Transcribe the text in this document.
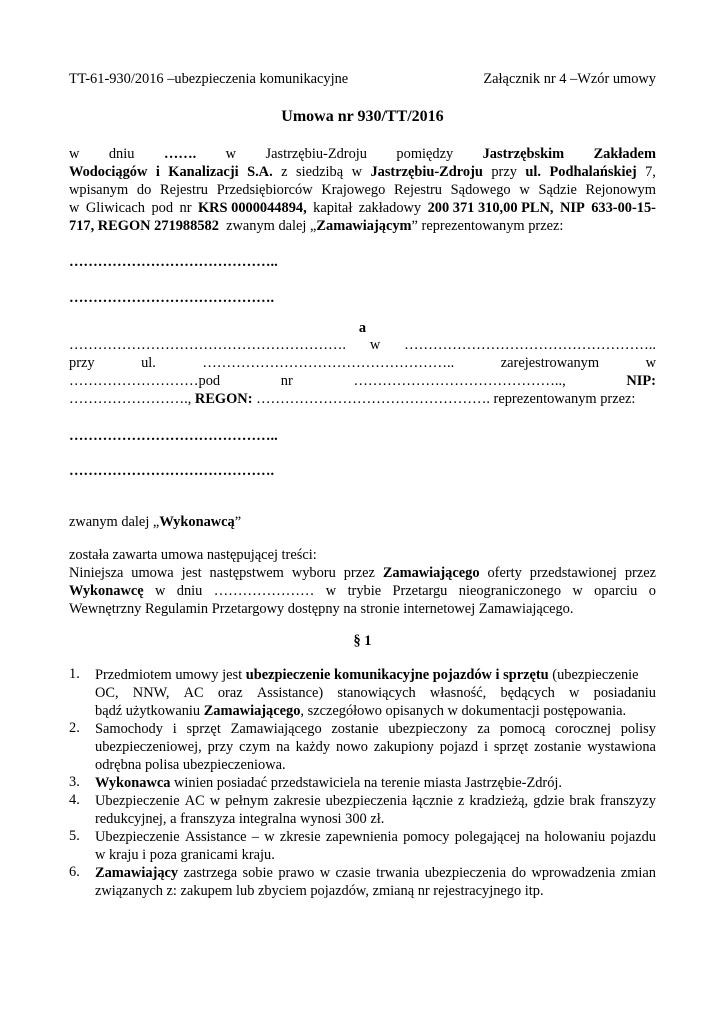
TT-61-930/2016 –ubezpieczenia komunikacyjne	Załącznik nr 4 –Wzór umowy
Umowa nr 930/TT/2016
w dniu ……. w Jastrzębiu-Zdroju pomiędzy Jastrzębskim Zakładem
Wodociągów i Kanalizacji S.A. z siedzibą w Jastrzębiu-Zdroju przy ul. Podhalańskiej 7,
wpisanym do Rejestru Przedsiębiorców Krajowego Rejestru Sądowego w Sądzie Rejonowym
w Gliwicach pod nr KRS 0000044894, kapitał zakładowy 200 371 310,00 PLN, NIP 633-00-15-
717, REGON 271988582  zwanym dalej „Zamawiającym” reprezentowanym przez:
……………………………………..
…………………………………….
a
…………………………………………………. w ……………………………………………..
przy	ul.	……………………………………………..	zarejestrowanym	w
………………………pod	nr	……………………………………..,	NIP:
……………………., REGON: …………………………………………. reprezentowanym przez:
……………………………………..
…………………………………….
zwanym dalej „Wykonawcą”
została zawarta umowa następującej treści:
Niniejsza umowa jest następstwem wyboru przez Zamawiającego oferty przedstawionej przez
Wykonawcę w dniu ………………… w trybie Przetargu nieograniczonego w oparciu o
Wewnętrzny Regulamin Przetargowy dostępny na stronie internetowej Zamawiającego.
§ 1
1. Przedmiotem umowy jest ubezpieczenie komunikacyjne pojazdów i sprzętu (ubezpieczenie
OC, NNW, AC oraz Assistance) stanowiących własność, będących w posiadaniu
bądź użytkowaniu Zamawiającego, szczegółowo opisanych w dokumentacji postępowania.
2. Samochody i sprzęt Zamawiającego zostanie ubezpieczony za pomocą corocznej polisy
ubezpieczeniowej, przy czym na każdy nowo zakupiony pojazd i sprzęt zostanie wystawiona
odrębna polisa ubezpieczeniowa.
3. Wykonawca winien posiadać przedstawiciela na terenie miasta Jastrzębie-Zdrój.
4. Ubezpieczenie AC w pełnym zakresie ubezpieczenia łącznie z kradzieżą, gdzie brak franszyzy
redukcyjnej, a franszyza integralna wynosi 300 zł.
5. Ubezpieczenie Assistance – w zkresie zapewnienia pomocy polegającej na holowaniu pojazdu
w kraju i poza granicami kraju.
6. Zamawiający zastrzega sobie prawo w czasie trwania ubezpieczenia do wprowadzenia zmian
związanych z: zakupem lub zbyciem pojazdów, zmianą nr rejestracyjnego itp.
